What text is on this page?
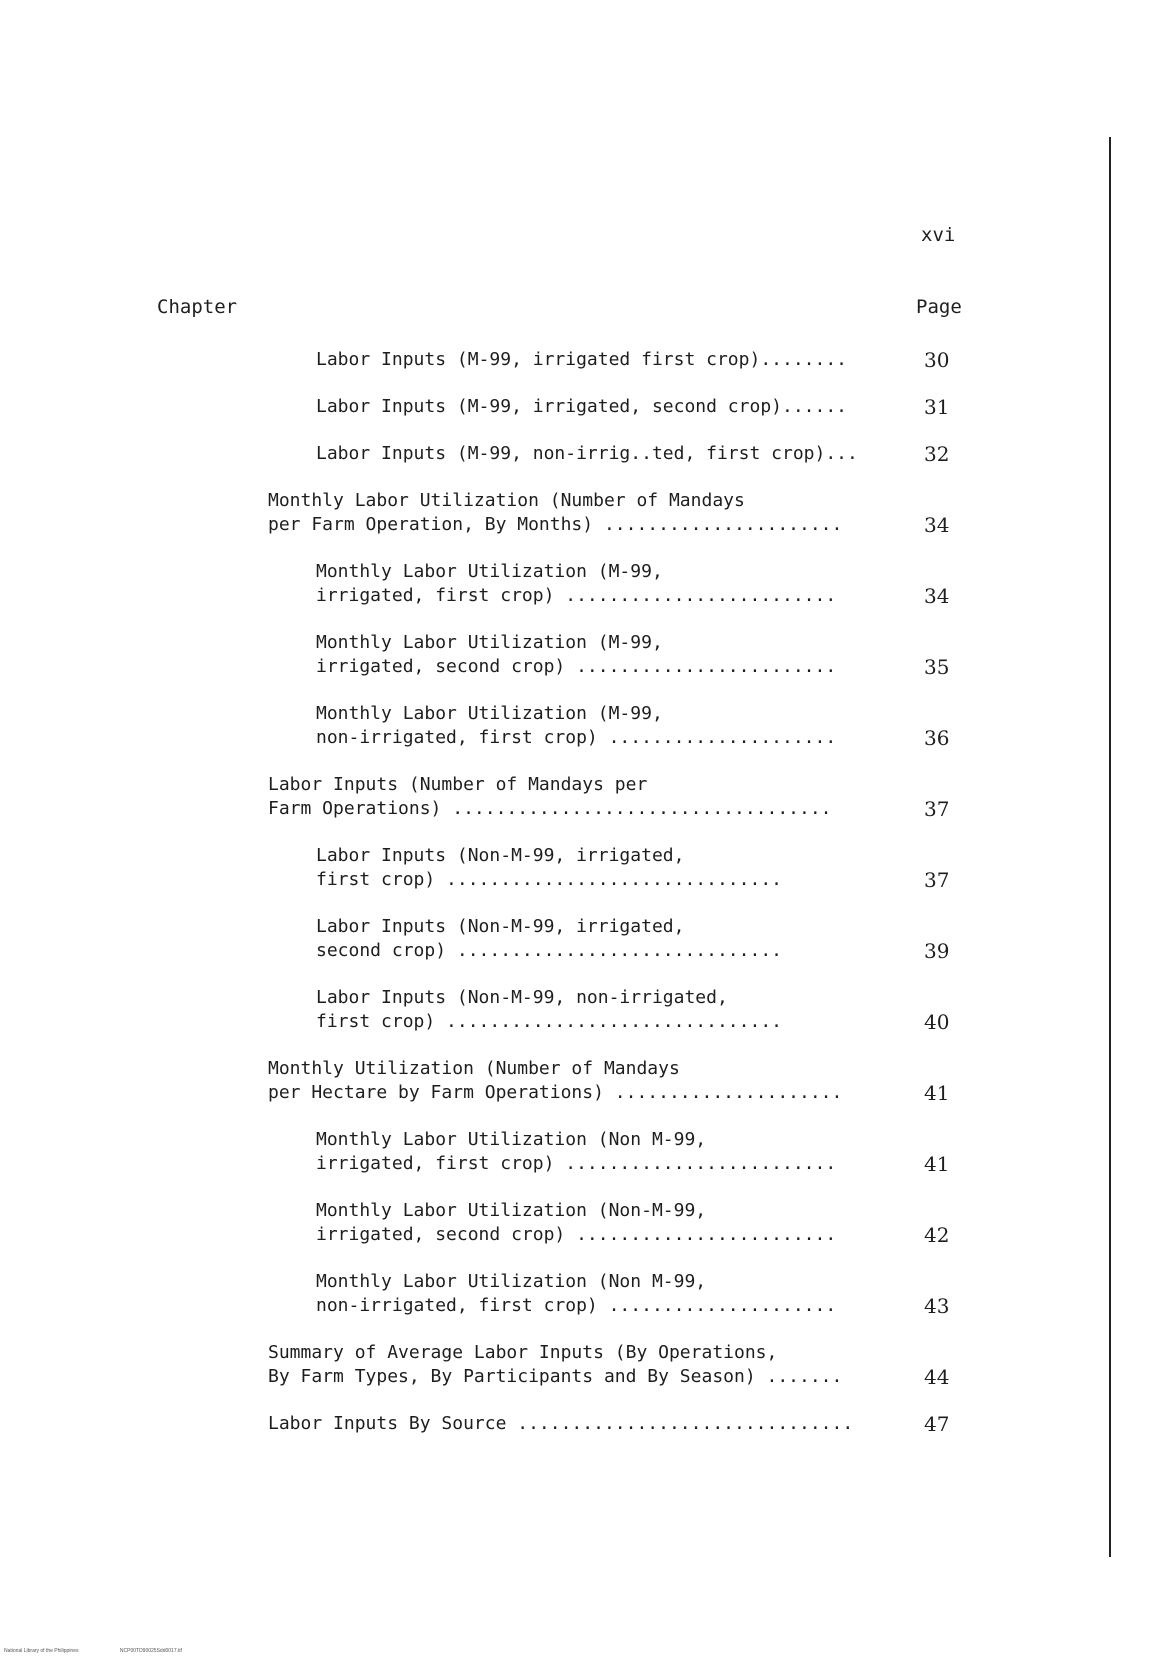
xvi
Chapter	Page
Labor Inputs (M-99, irrigated first crop)........	30
Labor Inputs (M-99, irrigated, second crop)......	31
Labor Inputs (M-99, non-irrig..ted, first crop)...	32
Monthly Labor Utilization (Number of Mandays
per Farm Operation, By Months) ......................	34
Monthly Labor Utilization (M-99,
irrigated, first crop) .........................	34
Monthly Labor Utilization (M-99,
irrigated, second crop) ........................	35
Monthly Labor Utilization (M-99,
non-irrigated, first crop) .....................	36
Labor Inputs (Number of Mandays per
Farm Operations) ...................................	37
Labor Inputs (Non-M-99, irrigated,
first crop) ...............................	37
Labor Inputs (Non-M-99, irrigated,
second crop) ..............................	39
Labor Inputs (Non-M-99, non-irrigated,
first crop) ...............................	40
Monthly Utilization (Number of Mandays
per Hectare by Farm Operations) .....................	41
Monthly Labor Utilization (Non M-99,
irrigated, first crop) .........................	41
Monthly Labor Utilization (Non-M-99,
irrigated, second crop) ........................	42
Monthly Labor Utilization (Non M-99,
non-irrigated, first crop) .....................	43
Summary of Average Labor Inputs (By Operations,
By Farm Types, By Participants and By Season) .......	44
Labor Inputs By Source ...............................	47
National Library of the Philippines	NCP00TD90025Sdd0017.tif
